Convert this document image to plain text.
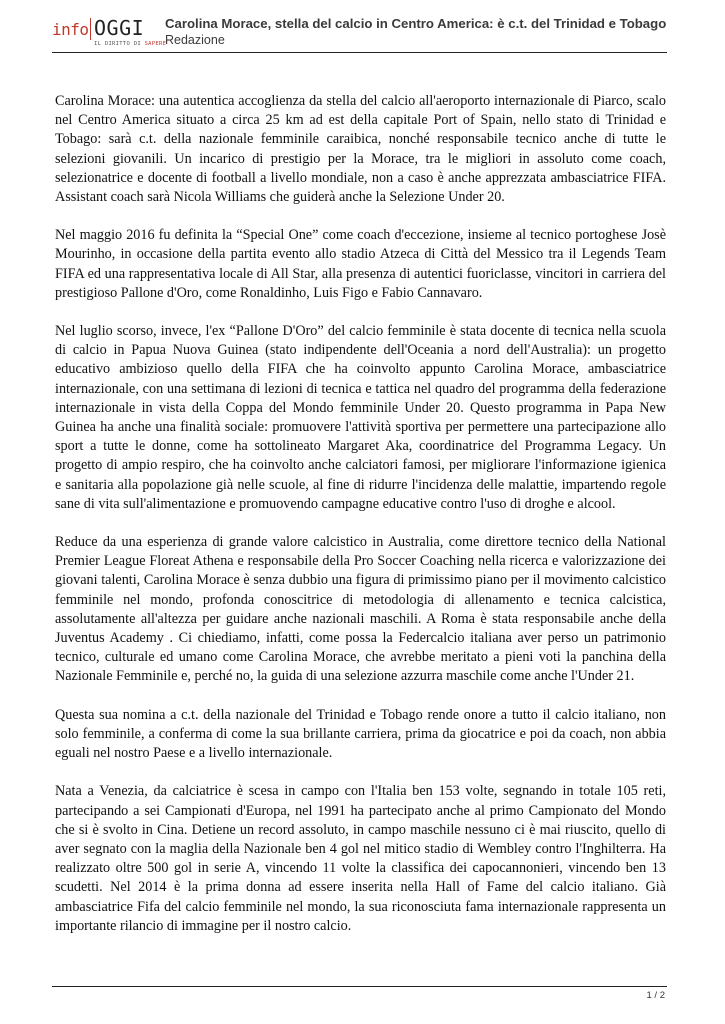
info OGGI
IL DIRITTO DI SAPERE
Carolina Morace, stella del calcio in Centro America: è c.t. del Trinidad e Tobago
Redazione

Carolina Morace: una autentica accoglienza da stella del calcio all'aeroporto internazionale di Piarco, scalo nel Centro America situato a circa 25 km ad est della capitale Port of Spain, nello stato di Trinidad e Tobago: sarà c.t. della nazionale femminile caraibica, nonché responsabile tecnico anche di tutte le selezioni giovanili. Un incarico di prestigio per la Morace, tra le migliori in assoluto come coach, selezionatrice e docente di football a livello mondiale, non a caso è anche apprezzata ambasciatrice FIFA. Assistant coach sarà Nicola Williams che guiderà anche la Selezione Under 20.

Nel maggio 2016 fu definita la “Special One” come coach d'eccezione, insieme al tecnico portoghese Josè Mourinho, in occasione della partita evento allo stadio Atzeca di Città del Messico tra il Legends Team FIFA ed una rappresentativa locale di All Star, alla presenza di autentici fuoriclasse, vincitori in carriera del prestigioso Pallone d'Oro, come Ronaldinho, Luis Figo e Fabio Cannavaro.

Nel luglio scorso, invece, l'ex “Pallone D'Oro” del calcio femminile è stata docente di tecnica nella scuola di calcio in Papua Nuova Guinea (stato indipendente dell'Oceania a nord dell'Australia): un progetto educativo ambizioso quello della FIFA che ha coinvolto appunto Carolina Morace, ambasciatrice internazionale, con una settimana di lezioni di tecnica e tattica nel quadro del programma della federazione internazionale in vista della Coppa del Mondo femminile Under 20. Questo programma in Papa New Guinea ha anche una finalità sociale: promuovere l'attività sportiva per permettere una partecipazione allo sport a tutte le donne, come ha sottolineato Margaret Aka, coordinatrice del Programma Legacy. Un progetto di ampio respiro, che ha coinvolto anche calciatori famosi, per migliorare l'informazione igienica e sanitaria alla popolazione già nelle scuole, al fine di ridurre l'incidenza delle malattie, impartendo regole sane di vita sull'alimentazione e promuovendo campagne educative contro l'uso di droghe e alcool.

Reduce da una esperienza di grande valore calcistico in Australia, come direttore tecnico della National Premier League Floreat Athena e responsabile della Pro Soccer Coaching nella ricerca e valorizzazione dei giovani talenti, Carolina Morace è senza dubbio una figura di primissimo piano per il movimento calcistico femminile nel mondo, profonda conoscitrice di metodologia di allenamento e tecnica calcistica, assolutamente all'altezza per guidare anche nazionali maschili. A Roma è stata responsabile anche della Juventus Academy . Ci chiediamo, infatti, come possa la Federcalcio italiana aver perso un patrimonio tecnico, culturale ed umano come Carolina Morace, che avrebbe meritato a pieni voti la panchina della Nazionale Femminile e, perché no, la guida di una selezione azzurra maschile come anche l'Under 21.

Questa sua nomina a c.t. della nazionale del Trinidad e Tobago rende onore a tutto il calcio italiano, non solo femminile, a conferma di come la sua brillante carriera, prima da giocatrice e poi da coach, non abbia eguali nel nostro Paese e a livello internazionale.

Nata a Venezia, da calciatrice è scesa in campo con l'Italia ben 153 volte, segnando in totale 105 reti, partecipando a sei Campionati d'Europa, nel 1991 ha partecipato anche al primo Campionato del Mondo che si è svolto in Cina. Detiene un record assoluto, in campo maschile nessuno ci è mai riuscito, quello di aver segnato con la maglia della Nazionale ben 4 gol nel mitico stadio di Wembley contro l'Inghilterra. Ha realizzato oltre 500 gol in serie A, vincendo 11 volte la classifica dei capocannonieri, vincendo ben 13 scudetti. Nel 2014 è la prima donna ad essere inserita nella Hall of Fame del calcio italiano. Già ambasciatrice Fifa del calcio femminile nel mondo, la sua riconosciuta fama internazionale rappresenta un importante rilancio di immagine per il nostro calcio.

1 / 2
